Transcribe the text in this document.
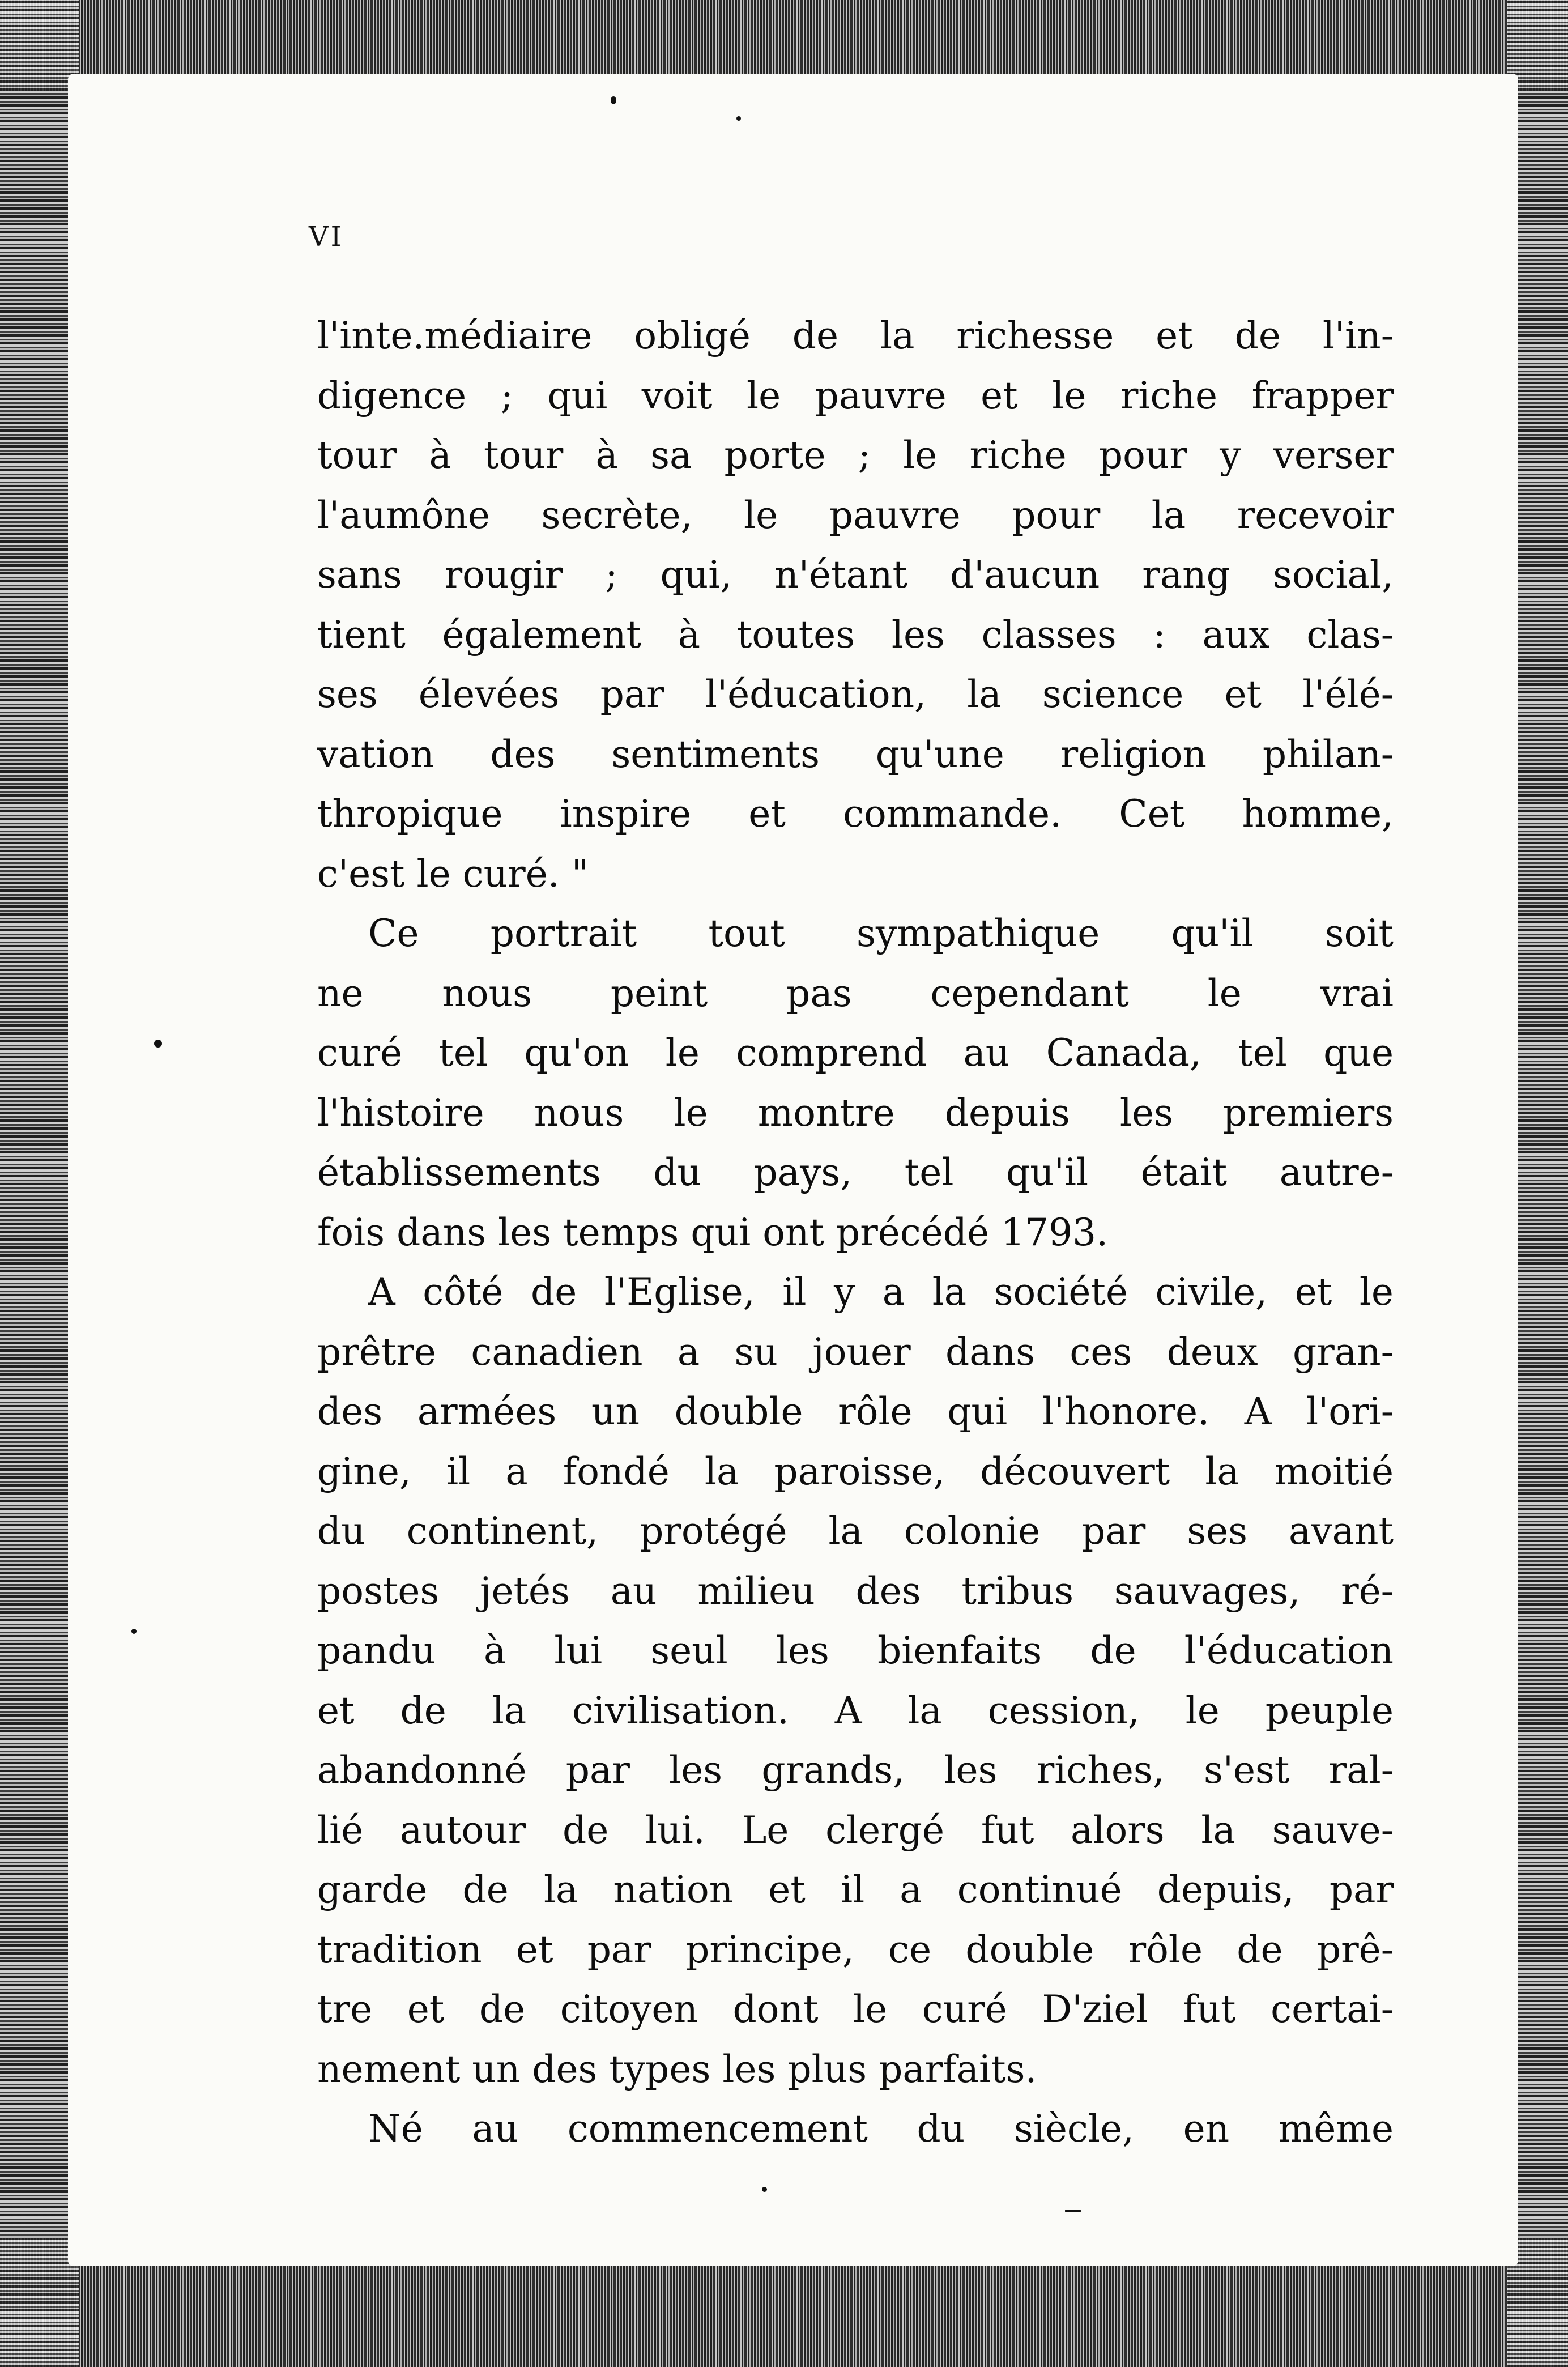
VI
l'inte.médiaire obligé de la richesse et de l'in-
digence ; qui voit le pauvre et le riche frapper
tour à tour à sa porte ; le riche pour y verser
l'aumône secrète, le pauvre pour la recevoir
sans rougir ; qui, n'étant d'aucun rang social,
tient également à toutes les classes : aux clas-
ses élevées par l'éducation, la science et l'élé-
vation des sentiments qu'une religion philan-
thropique inspire et commande. Cet homme,
c'est le curé. "
Ce portrait tout sympathique qu'il soit
ne nous peint pas cependant le vrai
curé tel qu'on le comprend au Canada, tel que
l'histoire nous le montre depuis les premiers
établissements du pays, tel qu'il était autre-
fois dans les temps qui ont précédé 1793.
A côté de l'Eglise, il y a la société civile, et le
prêtre canadien a su jouer dans ces deux gran-
des armées un double rôle qui l'honore. A l'ori-
gine, il a fondé la paroisse, découvert la moitié
du continent, protégé la colonie par ses avant
postes jetés au milieu des tribus sauvages, ré-
pandu à lui seul les bienfaits de l'éducation
et de la civilisation. A la cession, le peuple
abandonné par les grands, les riches, s'est ral-
lié autour de lui. Le clergé fut alors la sauve-
garde de la nation et il a continué depuis, par
tradition et par principe, ce double rôle de prê-
tre et de citoyen dont le curé D'ziel fut certai-
nement un des types les plus parfaits.
Né au commencement du siècle, en même
